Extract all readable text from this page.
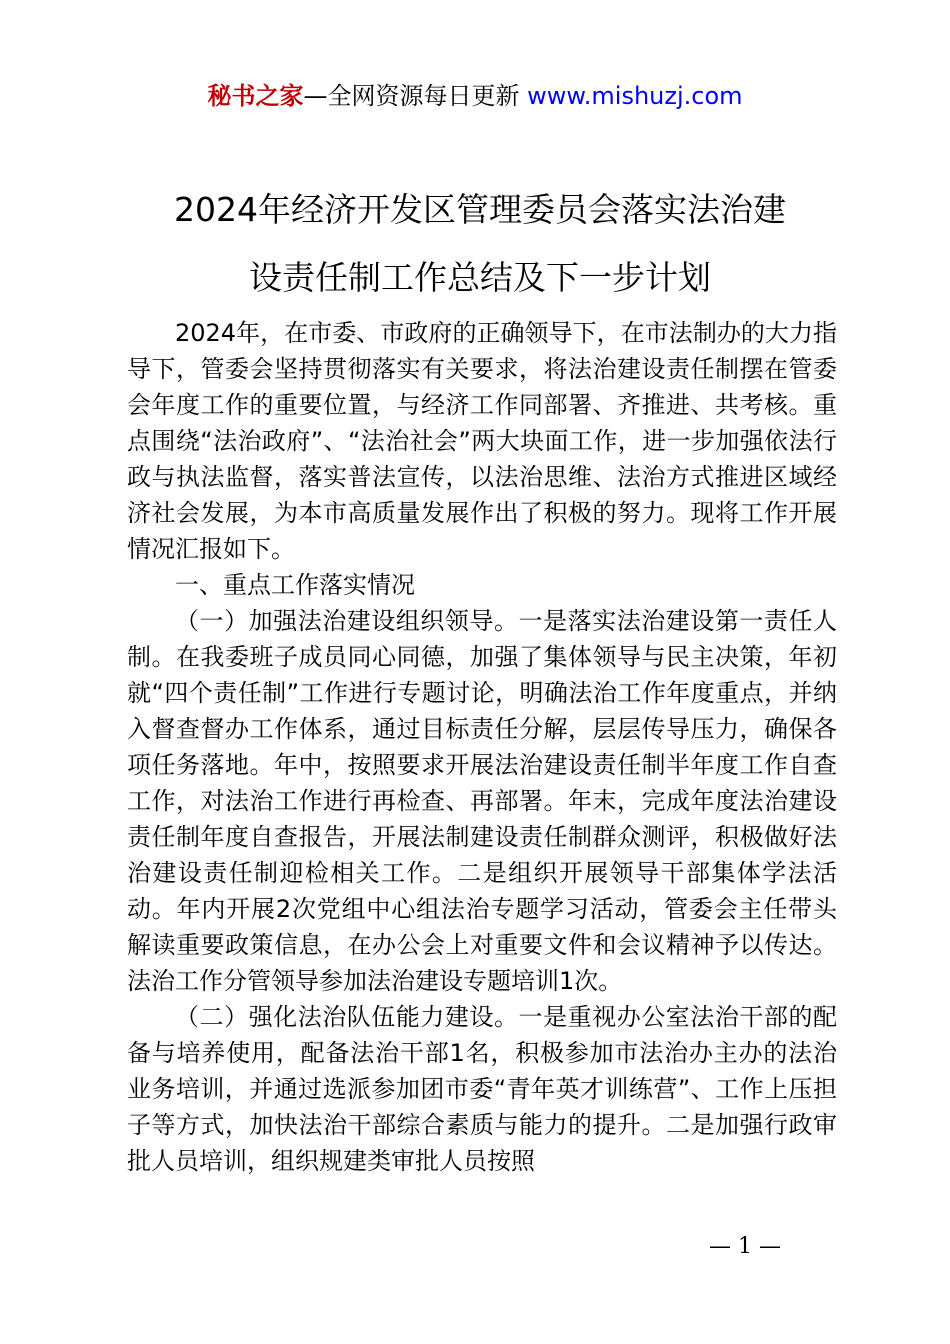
秘书之家—全网资源每日更新 www.mishuzj.com
2024年经济开发区管理委员会落实法治建
设责任制工作总结及下一步计划

2024年，在市委、市政府的正确领导下，在市法制办的大力指导下，管委会坚持贯彻落实有关要求，将法治建设责任制摆在管委会年度工作的重要位置，与经济工作同部署、齐推进、共考核。重点围绕“法治政府”、“法治社会”两大块面工作，进一步加强依法行政与执法监督，落实普法宣传，以法治思维、法治方式推进区域经济社会发展，为本市高质量发展作出了积极的努力。现将工作开展情况汇报如下。

一、重点工作落实情况

（一）加强法治建设组织领导。一是落实法治建设第一责任人制。在我委班子成员同心同德，加强了集体领导与民主决策，年初就“四个责任制”工作进行专题讨论，明确法治工作年度重点，并纳入督查督办工作体系，通过目标责任分解，层层传导压力，确保各项任务落地。年中，按照要求开展法治建设责任制半年度工作自查工作，对法治工作进行再检查、再部署。年末，完成年度法治建设责任制年度自查报告，开展法制建设责任制群众测评，积极做好法治建设责任制迎检相关工作。二是组织开展领导干部集体学法活动。年内开展2次党组中心组法治专题学习活动，管委会主任带头解读重要政策信息，在办公会上对重要文件和会议精神予以传达。法治工作分管领导参加法治建设专题培训1次。

（二）强化法治队伍能力建设。一是重视办公室法治干部的配备与培养使用，配备法治干部1名，积极参加市法治办主办的法治业务培训，并通过选派参加团市委“青年英才训练营”、工作上压担子等方式，加快法治干部综合素质与能力的提升。二是加强行政审批人员培训，组织规建类审批人员按照

— 1 —
